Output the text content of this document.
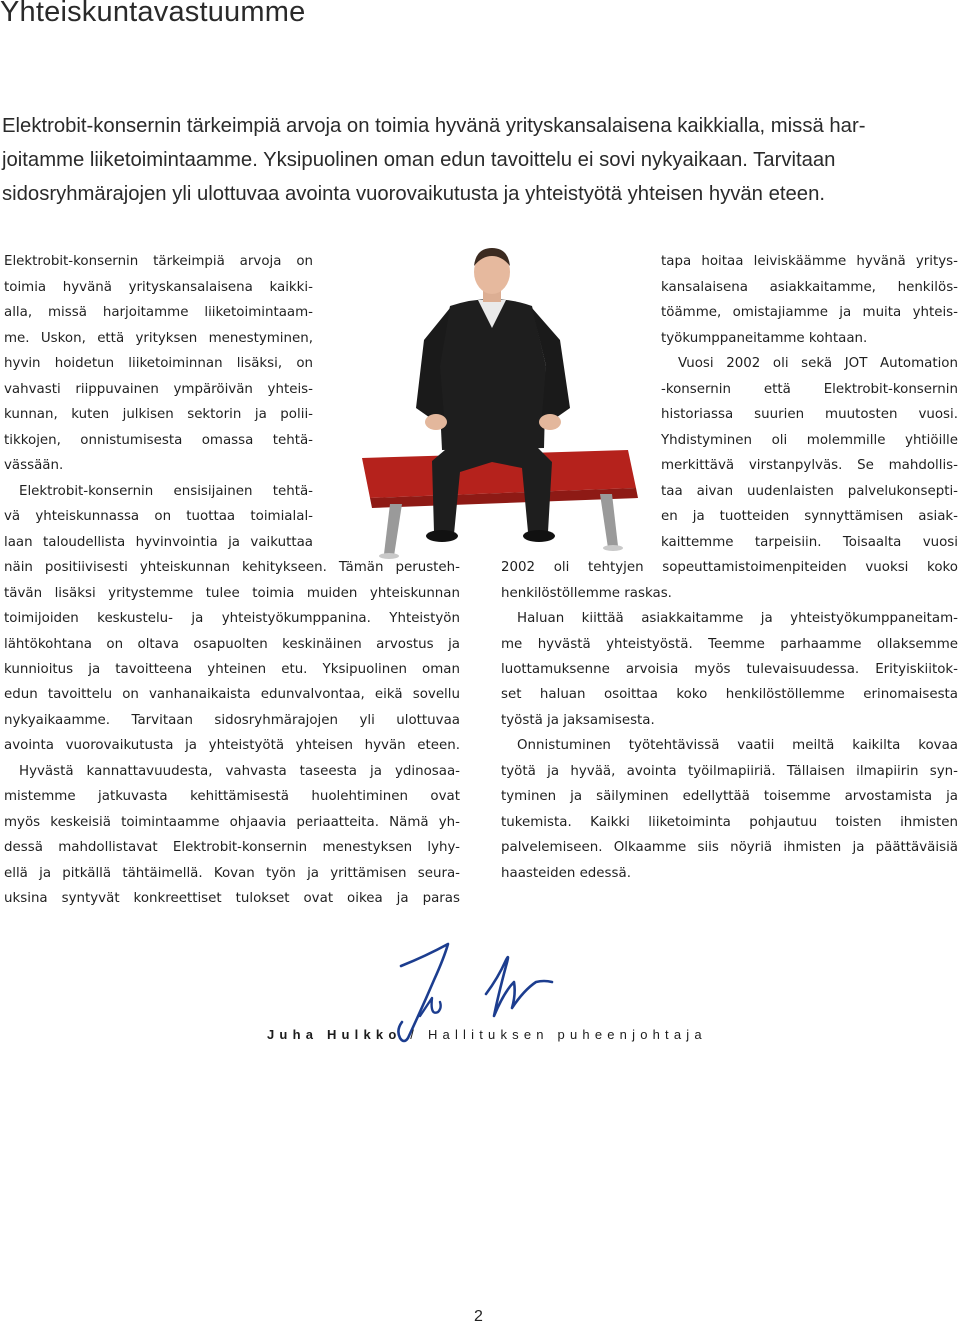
Yhteiskuntavastuumme
Elektrobit-konsernin tärkeimpiä arvoja on toimia hyvänä yrityskansalaisena kaikkialla, missä har-
joitamme liiketoimintaamme. Yksipuolinen oman edun tavoittelu ei sovi nykyaikaan. Tarvitaan
sidosryhmärajojen yli ulottuvaa avointa vuorovaikutusta ja yhteistyötä yhteisen hyvän eteen.
Elektrobit-konsernin tärkeimpiä arvoja on
toimia hyvänä yrityskansalaisena kaikki-
alla, missä harjoitamme liiketoimintaam-
me. Uskon, että yrityksen menestyminen,
hyvin hoidetun liiketoiminnan lisäksi, on
vahvasti riippuvainen ympäröivän yhteis-
kunnan, kuten julkisen sektorin ja polii-
tikkojen, onnistumisesta omassa tehtä-
vässään.
Elektrobit-konsernin ensisijainen tehtä-
vä yhteiskunnassa on tuottaa toimialal-
laan taloudellista hyvinvointia ja vaikuttaa
näin positiivisesti yhteiskunnan kehitykseen. Tämän perusteh-
tävän lisäksi yritystemme tulee toimia muiden yhteiskunnan
toimijoiden keskustelu- ja yhteistyökumppanina. Yhteistyön
lähtökohtana on oltava osapuolten keskinäinen arvostus ja
kunnioitus ja tavoitteena yhteinen etu. Yksipuolinen oman
edun tavoittelu on vanhanaikaista edunvalvontaa, eikä sovellu
nykyaikaamme. Tarvitaan sidosryhmärajojen yli ulottuvaa
avointa vuorovaikutusta ja yhteistyötä yhteisen hyvän eteen.
Hyvästä kannattavuudesta, vahvasta taseesta ja ydinosaa-
mistemme jatkuvasta kehittämisestä huolehtiminen ovat
myös keskeisiä toimintaamme ohjaavia periaatteita. Nämä yh-
dessä mahdollistavat Elektrobit-konsernin menestyksen lyhy-
ellä ja pitkällä tähtäimellä. Kovan työn ja yrittämisen seura-
uksina syntyvät konkreettiset tulokset ovat oikea ja paras
tapa hoitaa leiviskäämme hyvänä yritys-
kansalaisena asiakkaitamme, henkilös-
töämme, omistajiamme ja muita yhteis-
työkumppaneitamme kohtaan.
Vuosi 2002 oli sekä JOT Automation
-konsernin että Elektrobit-konsernin
historiassa suurien muutosten vuosi.
Yhdistyminen oli molemmille yhtiöille
merkittävä virstanpylväs. Se mahdollis-
taa aivan uudenlaisten palvelukonsepti-
en ja tuotteiden synnyttämisen asiak-
kaittemme tarpeisiin. Toisaalta vuosi
2002 oli tehtyjen sopeuttamistoimenpiteiden vuoksi koko
henkilöstöllemme raskas.
Haluan kiittää asiakkaitamme ja yhteistyökumppaneitam-
me hyvästä yhteistyöstä. Teemme parhaamme ollaksemme
luottamuksenne arvoisia myös tulevaisuudessa. Erityiskiitok-
set haluan osoittaa koko henkilöstöllemme erinomaisesta
työstä ja jaksamisesta.
Onnistuminen työtehtävissä vaatii meiltä kaikilta kovaa
työtä ja hyvää, avointa työilmapiiriä. Tällaisen ilmapiirin syn-
tyminen ja säilyminen edellyttää toisemme arvostamista ja
tukemista. Kaikki liiketoiminta pohjautuu toisten ihmisten
palvelemiseen. Olkaamme siis nöyriä ihmisten ja päättäväisiä
haasteiden edessä.
Juha Hulkko / Hallituksen puheenjohtaja
2
